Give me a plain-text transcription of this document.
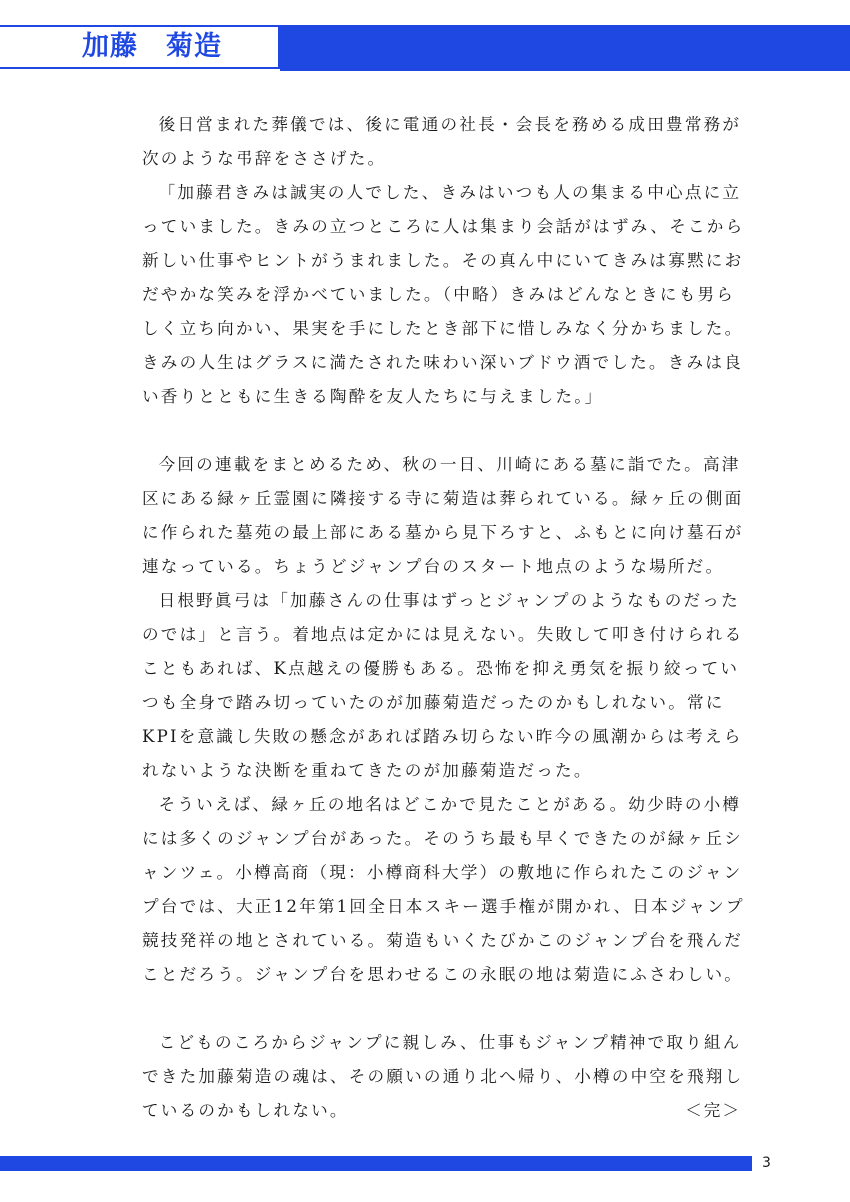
加藤　菊造

後日営まれた葬儀では、後に電通の社長・会長を務める成田豊常務が次のような弔辞をささげた。

「加藤君きみは誠実の人でした、きみはいつも人の集まる中心点に立っていました。きみの立つところに人は集まり会話がはずみ、そこから新しい仕事やヒントがうまれました。その真ん中にいてきみは寡黙におだやかな笑みを浮かべていました。（中略）きみはどんなときにも男らしく立ち向かい、果実を手にしたとき部下に惜しみなく分かちました。きみの人生はグラスに満たされた味わい深いブドウ酒でした。きみは良い香りとともに生きる陶酔を友人たちに与えました。」

今回の連載をまとめるため、秋の一日、川崎にある墓に詣でた。高津区にある緑ヶ丘霊園に隣接する寺に菊造は葬られている。緑ヶ丘の側面に作られた墓苑の最上部にある墓から見下ろすと、ふもとに向け墓石が連なっている。ちょうどジャンプ台のスタート地点のような場所だ。

日根野眞弓は「加藤さんの仕事はずっとジャンプのようなものだったのでは」と言う。着地点は定かには見えない。失敗して叩き付けられることもあれば、K点越えの優勝もある。恐怖を抑え勇気を振り絞っていつも全身で踏み切っていたのが加藤菊造だったのかもしれない。常にKPIを意識し失敗の懸念があれば踏み切らない昨今の風潮からは考えられないような決断を重ねてきたのが加藤菊造だった。

そういえば、緑ヶ丘の地名はどこかで見たことがある。幼少時の小樽には多くのジャンプ台があった。そのうち最も早くできたのが緑ヶ丘シャンツェ。小樽高商（現：小樽商科大学）の敷地に作られたこのジャンプ台では、大正12年第1回全日本スキー選手権が開かれ、日本ジャンプ競技発祥の地とされている。菊造もいくたびかこのジャンプ台を飛んだことだろう。ジャンプ台を思わせるこの永眠の地は菊造にふさわしい。

こどものころからジャンプに親しみ、仕事もジャンプ精神で取り組んできた加藤菊造の魂は、その願いの通り北へ帰り、小樽の中空を飛翔しているのかもしれない。	＜完＞
3
